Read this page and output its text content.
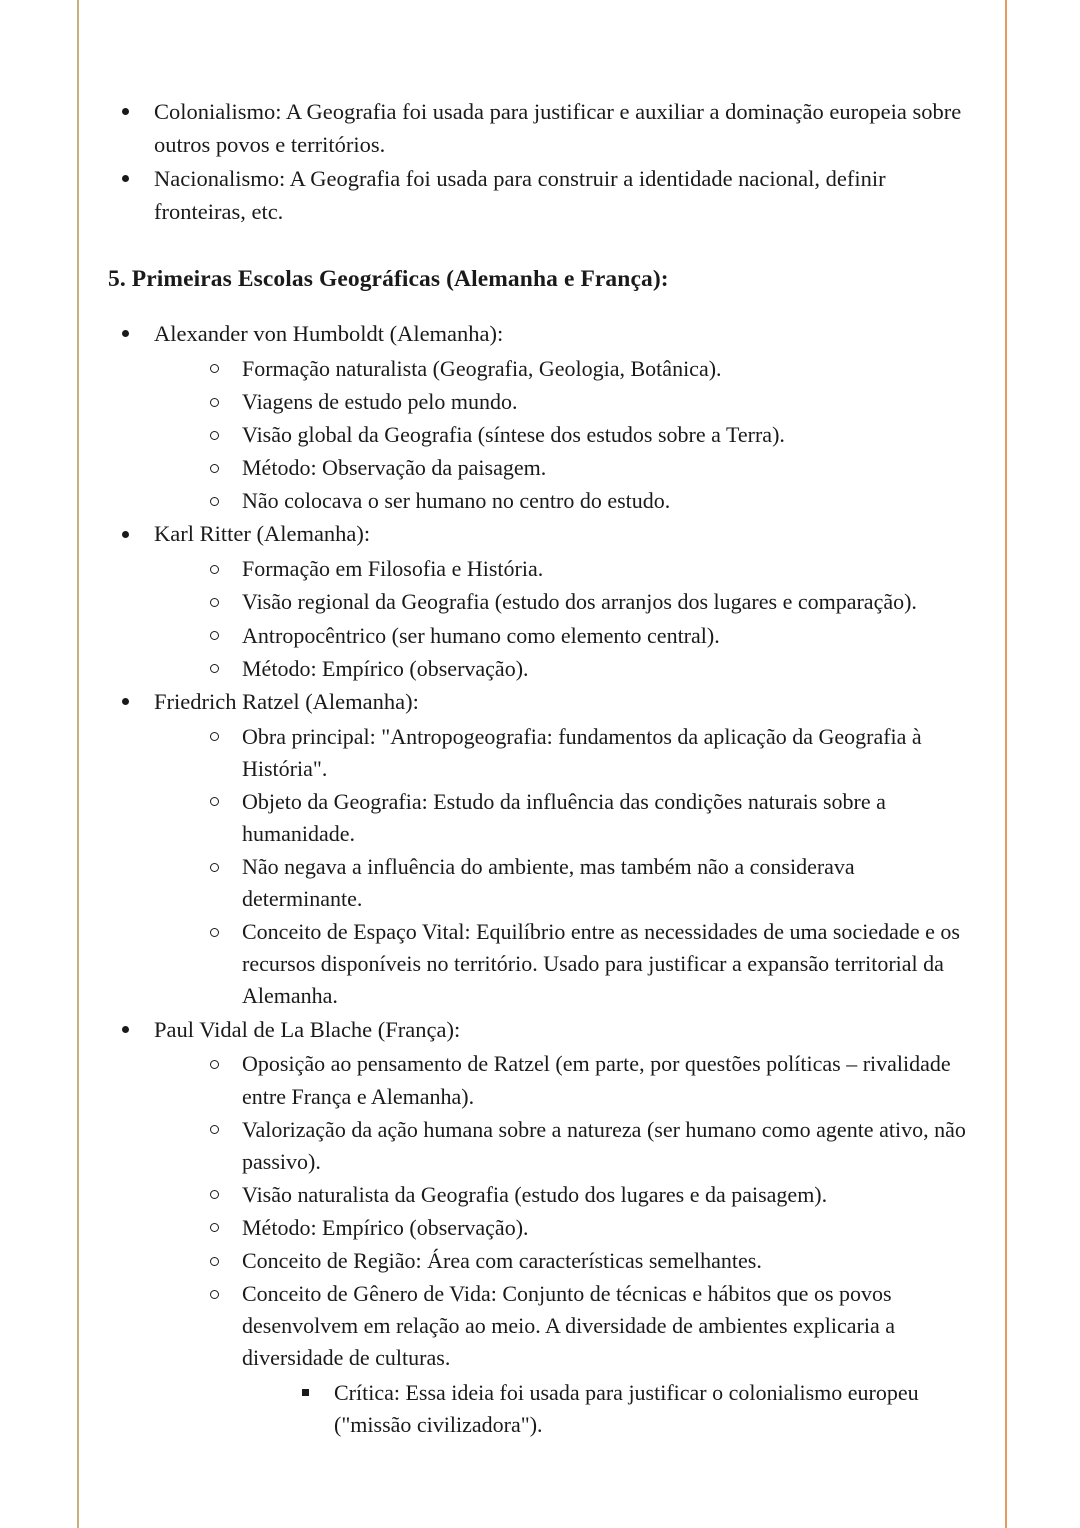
Colonialismo: A Geografia foi usada para justificar e auxiliar a dominação europeia sobre outros povos e territórios.
Nacionalismo: A Geografia foi usada para construir a identidade nacional, definir fronteiras, etc.
5. Primeiras Escolas Geográficas (Alemanha e França):
Alexander von Humboldt (Alemanha):
Formação naturalista (Geografia, Geologia, Botânica).
Viagens de estudo pelo mundo.
Visão global da Geografia (síntese dos estudos sobre a Terra).
Método: Observação da paisagem.
Não colocava o ser humano no centro do estudo.
Karl Ritter (Alemanha):
Formação em Filosofia e História.
Visão regional da Geografia (estudo dos arranjos dos lugares e comparação).
Antropocêntrico (ser humano como elemento central).
Método: Empírico (observação).
Friedrich Ratzel (Alemanha):
Obra principal: "Antropogeografia: fundamentos da aplicação da Geografia à História".
Objeto da Geografia: Estudo da influência das condições naturais sobre a humanidade.
Não negava a influência do ambiente, mas também não a considerava determinante.
Conceito de Espaço Vital: Equilíbrio entre as necessidades de uma sociedade e os recursos disponíveis no território. Usado para justificar a expansão territorial da Alemanha.
Paul Vidal de La Blache (França):
Oposição ao pensamento de Ratzel (em parte, por questões políticas – rivalidade entre França e Alemanha).
Valorização da ação humana sobre a natureza (ser humano como agente ativo, não passivo).
Visão naturalista da Geografia (estudo dos lugares e da paisagem).
Método: Empírico (observação).
Conceito de Região: Área com características semelhantes.
Conceito de Gênero de Vida: Conjunto de técnicas e hábitos que os povos desenvolvem em relação ao meio. A diversidade de ambientes explicaria a diversidade de culturas.
Crítica: Essa ideia foi usada para justificar o colonialismo europeu ("missão civilizadora").
